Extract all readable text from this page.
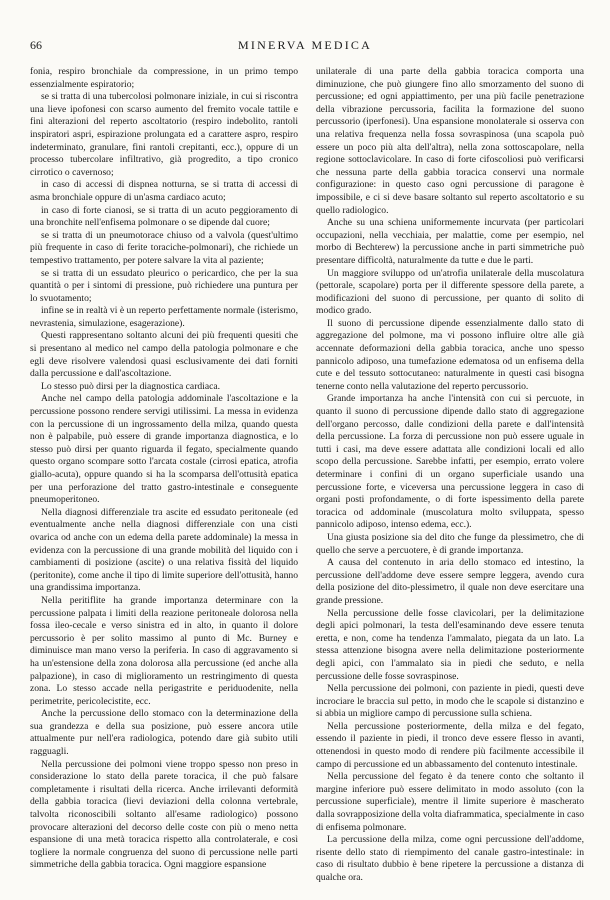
66	MINERVA MEDICA

fonia, respiro bronchiale da compressione, in un primo tempo essenzialmente espiratorio;

se si tratta di una tubercolosi polmonare iniziale, in cui si riscontra una lieve ipofonesi con scarso aumento del fremito vocale tattile e fini alterazioni del reperto ascoltatorio (respiro indebolito, rantoli inspiratori aspri, espirazione prolungata ed a carattere aspro, respiro indeterminato, granulare, fini rantoli crepitanti, ecc.), oppure di un processo tubercolare infiltrativo, già progredito, a tipo cronico cirrotico o cavernoso;

in caso di accessi di dispnea notturna, se si tratta di accessi di asma bronchiale oppure di un'asma cardiaco acuto;

in caso di forte cianosi, se si tratta di un acuto peggioramento di una bronchite nell'enfisema polmonare o se dipende dal cuore;

se si tratta di un pneumotorace chiuso od a valvola (quest'ultimo più frequente in caso di ferite toraciche-polmonari), che richiede un tempestivo trattamento, per potere salvare la vita al paziente;

se si tratta di un essudato pleurico o pericardico, che per la sua quantità o per i sintomi di pressione, può richiedere una puntura per lo svuotamento;

infine se in realtà vi è un reperto perfettamente normale (isterismo, nevrastenia, simulazione, esagerazione).

Questi rappresentano soltanto alcuni dei più frequenti quesiti che si presentano al medico nel campo della patologia polmonare e che egli deve risolvere valendosi quasi esclusivamente dei dati forniti dalla percussione e dall'ascoltazione.

Lo stesso può dirsi per la diagnostica cardiaca.

Anche nel campo della patologia addominale l'ascoltazione e la percussione possono rendere servigi utilissimi. La messa in evidenza con la percussione di un ingrossamento della milza, quando questa non è palpabile, può essere di grande importanza diagnostica, e lo stesso può dirsi per quanto riguarda il fegato, specialmente quando questo organo scompare sotto l'arcata costale (cirrosi epatica, atrofia giallo-acuta), oppure quando si ha la scomparsa dell'ottusità epatica per una perforazione del tratto gastro-intestinale e conseguente pneumoperitoneo.

Nella diagnosi differenziale tra ascite ed essudato peritoneale (ed eventualmente anche nella diagnosi differenziale con una cisti ovarica od anche con un edema della parete addominale) la messa in evidenza con la percussione di una grande mobilità del liquido con i cambiamenti di posizione (ascite) o una relativa fissità del liquido (peritonite), come anche il tipo di limite superiore dell'ottusità, hanno una grandissima importanza.

Nella peritiflite ha grande importanza determinare con la percussione palpata i limiti della reazione peritoneale dolorosa nella fossa ileo-cecale e verso sinistra ed in alto, in quanto il dolore percussorio è per solito massimo al punto di Mc. Burney e diminuisce man mano verso la periferia. In caso di aggravamento si ha un'estensione della zona dolorosa alla percussione (ed anche alla palpazione), in caso di miglioramento un restringimento di questa zona. Lo stesso accade nella perigastrite e periduodenite, nella perimetrite, pericolecistite, ecc.

Anche la percussione dello stomaco con la determinazione della sua grandezza e della sua posizione, può essere ancora utile attualmente pur nell'era radiologica, potendo dare già subito utili ragguagli.

Nella percussione dei polmoni viene troppo spesso non preso in considerazione lo stato della parete toracica, il che può falsare completamente i risultati della ricerca. Anche irrilevanti deformità della gabbia toracica (lievi deviazioni della colonna vertebrale, talvolta riconoscibili soltanto all'esame radiologico) possono provocare alterazioni del decorso delle coste con più o meno netta espansione di una metà toracica rispetto alla controlaterale, e così togliere la normale congruenza del suono di percussione nelle parti simmetriche della gabbia toracica. Ogni maggiore espansione

unilaterale di una parte della gabbia toracica comporta una diminuzione, che può giungere fino allo smorzamento del suono di percussione; ed ogni appiattimento, per una più facile penetrazione della vibrazione percussoria, facilita la formazione del suono percussorio (iperfonesi). Una espansione monolaterale si osserva con una relativa frequenza nella fossa sovraspinosa (una scapola può essere un poco più alta dell'altra), nella zona sottoscapolare, nella regione sottoclavicolare. In caso di forte cifoscoliosi può verificarsi che nessuna parte della gabbia toracica conservi una normale configurazione: in questo caso ogni percussione di paragone è impossibile, e ci si deve basare soltanto sul reperto ascoltatorio e su quello radiologico.

Anche su una schiena uniformemente incurvata (per particolari occupazioni, nella vecchiaia, per malattie, come per esempio, nel morbo di Bechterew) la percussione anche in parti simmetriche può presentare difficoltà, naturalmente da tutte e due le parti.

Un maggiore sviluppo od un'atrofia unilaterale della muscolatura (pettorale, scapolare) porta per il differente spessore della parete, a modificazioni del suono di percussione, per quanto di solito di modico grado.

Il suono di percussione dipende essenzialmente dallo stato di aggregazione del polmone, ma vi possono influire oltre alle già accennate deformazioni della gabbia toracica, anche uno spesso pannicolo adiposo, una tumefazione edematosa od un enfisema della cute e del tessuto sottocutaneo: naturalmente in questi casi bisogna tenerne conto nella valutazione del reperto percussorio.

Grande importanza ha anche l'intensità con cui si percuote, in quanto il suono di percussione dipende dallo stato di aggregazione dell'organo percosso, dalle condizioni della parete e dall'intensità della percussione. La forza di percussione non può essere uguale in tutti i casi, ma deve essere adattata alle condizioni locali ed allo scopo della percussione. Sarebbe infatti, per esempio, errato volere determinare i confini di un organo superficiale usando una percussione forte, e viceversa una percussione leggera in caso di organi posti profondamente, o di forte ispessimento della parete toracica od addominale (muscolatura molto sviluppata, spesso pannicolo adiposo, intenso edema, ecc.).

Una giusta posizione sia del dito che funge da plessimetro, che di quello che serve a percuotere, è di grande importanza.

A causa del contenuto in aria dello stomaco ed intestino, la percussione dell'addome deve essere sempre leggera, avendo cura della posizione del dito-plessimetro, il quale non deve esercitare una grande pressione.

Nella percussione delle fosse clavicolari, per la delimitazione degli apici polmonari, la testa dell'esaminando deve essere tenuta eretta, e non, come ha tendenza l'ammalato, piegata da un lato. La stessa attenzione bisogna avere nella delimitazione posteriormente degli apici, con l'ammalato sia in piedi che seduto, e nella percussione delle fosse sovraspinose.

Nella percussione dei polmoni, con paziente in piedi, questi deve incrociare le braccia sul petto, in modo che le scapole si distanzino e si abbia un migliore campo di percussione sulla schiena.

Nella percussione posteriormente, della milza e del fegato, essendo il paziente in piedi, il tronco deve essere flesso in avanti, ottenendosi in questo modo di rendere più facilmente accessibile il campo di percussione ed un abbassamento del contenuto intestinale.

Nella percussione del fegato è da tenere conto che soltanto il margine inferiore può essere delimitato in modo assoluto (con la percussione superficiale), mentre il limite superiore è mascherato dalla sovrapposizione della volta diaframmatica, specialmente in caso di enfisema polmonare.

La percussione della milza, come ogni percussione dell'addome, risente dello stato di riempimento del canale gastro-intestinale: in caso di risultato dubbio è bene ripetere la percussione a distanza di qualche ora.
